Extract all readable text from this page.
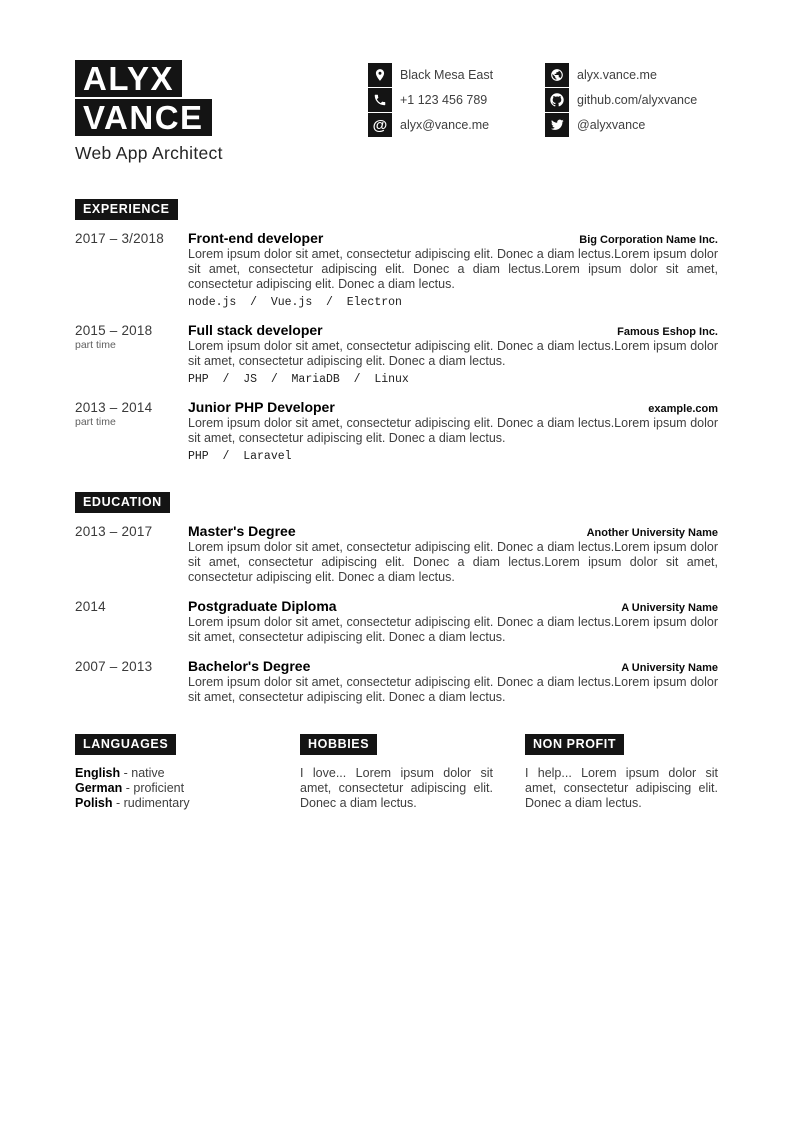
ALYX
VANCE
Web App Architect
Black Mesa East
+1 123 456 789
@ alyx@vance.me
alyx.vance.me
github.com/alyxvance
@alyxvance
EXPERIENCE
2017 – 3/2018	Front-end developer	Big Corporation Name Inc.
Lorem ipsum dolor sit amet, consectetur adipiscing elit. Donec a diam lectus.Lorem ipsum dolor sit amet, consectetur adipiscing elit. Donec a diam lectus.Lorem ipsum dolor sit amet, consectetur adipiscing elit. Donec a diam lectus.
node.js  /  Vue.js  /  Electron
2015 – 2018
part time
Full stack developer	Famous Eshop Inc.
Lorem ipsum dolor sit amet, consectetur adipiscing elit. Donec a diam lectus.Lorem ipsum dolor sit amet, consectetur adipiscing elit. Donec a diam lectus.
PHP  /  JS  /  MariaDB  /  Linux
2013 – 2014
part time
Junior PHP Developer	example.com
Lorem ipsum dolor sit amet, consectetur adipiscing elit. Donec a diam lectus.Lorem ipsum dolor sit amet, consectetur adipiscing elit. Donec a diam lectus.
PHP  /  Laravel
EDUCATION
2013 – 2017	Master's Degree	Another University Name
Lorem ipsum dolor sit amet, consectetur adipiscing elit. Donec a diam lectus.Lorem ipsum dolor sit amet, consectetur adipiscing elit. Donec a diam lectus.Lorem ipsum dolor sit amet, consectetur adipiscing elit. Donec a diam lectus.
2014	Postgraduate Diploma	A University Name
Lorem ipsum dolor sit amet, consectetur adipiscing elit. Donec a diam lectus.Lorem ipsum dolor sit amet, consectetur adipiscing elit. Donec a diam lectus.
2007 – 2013	Bachelor's Degree	A University Name
Lorem ipsum dolor sit amet, consectetur adipiscing elit. Donec a diam lectus.Lorem ipsum dolor sit amet, consectetur adipiscing elit. Donec a diam lectus.
LANGUAGES
English - native
German - proficient
Polish - rudimentary
HOBBIES
I love... Lorem ipsum dolor sit amet, consectetur adipiscing elit. Donec a diam lectus.
NON PROFIT
I help... Lorem ipsum dolor sit amet, consectetur adipiscing elit. Donec a diam lectus.
